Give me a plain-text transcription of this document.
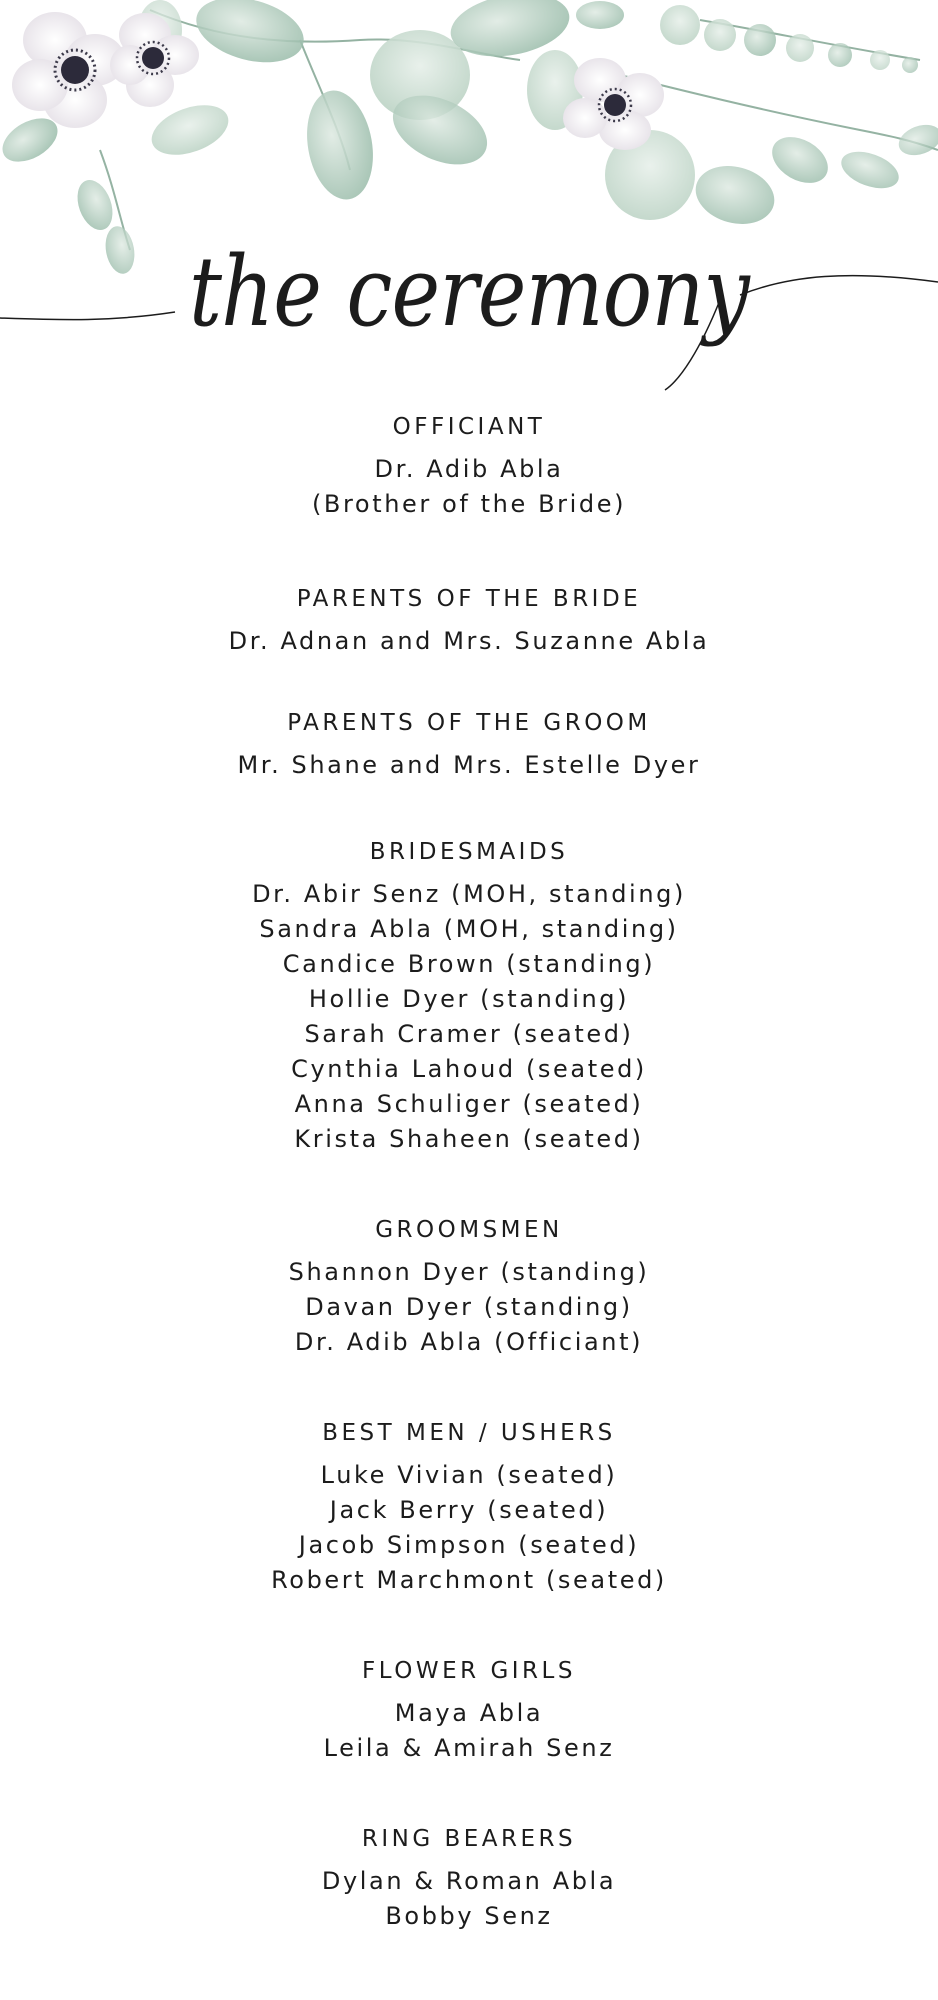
the ceremony
OFFICIANT

Dr. Adib Abla

(Brother of the Bride)

PARENTS OF THE BRIDE

Dr. Adnan and Mrs. Suzanne Abla

PARENTS OF THE GROOM

Mr. Shane and Mrs. Estelle Dyer

BRIDESMAIDS

Dr. Abir Senz (MOH, standing)

Sandra Abla (MOH, standing)

Candice Brown (standing)

Hollie Dyer (standing)

Sarah Cramer (seated)

Cynthia Lahoud (seated)

Anna Schuliger (seated)

Krista Shaheen (seated)

GROOMSMEN

Shannon Dyer (standing)

Davan Dyer (standing)

Dr. Adib Abla (Officiant)

BEST MEN / USHERS

Luke Vivian (seated)

Jack Berry (seated)

Jacob Simpson (seated)

Robert Marchmont (seated)

FLOWER GIRLS

Maya Abla

Leila & Amirah Senz

RING BEARERS

Dylan & Roman Abla

Bobby Senz
